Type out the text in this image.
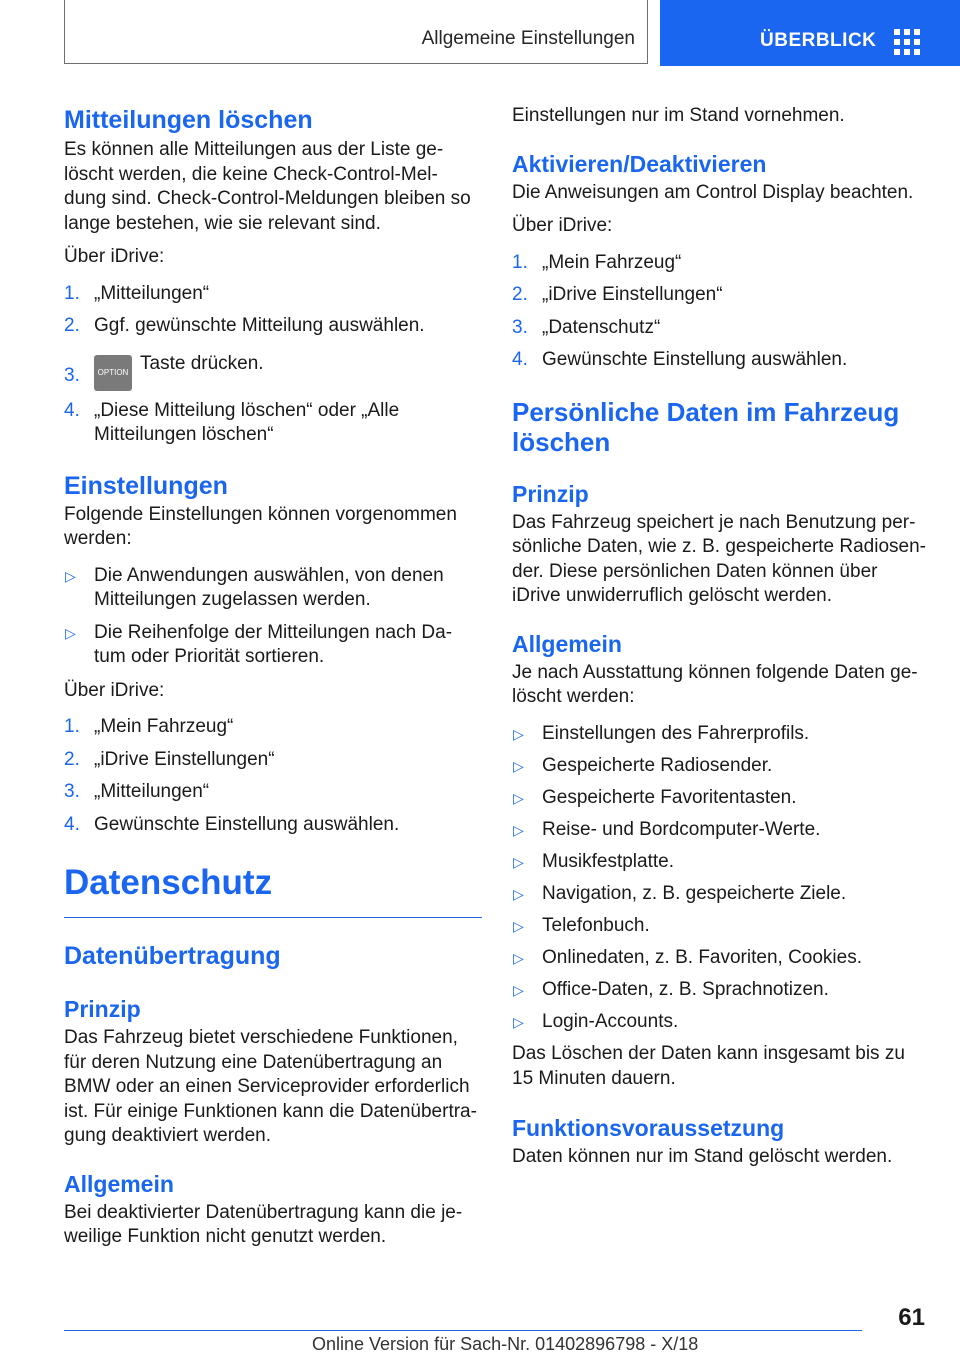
Allgemeine Einstellungen	ÜBERBLICK
Mitteilungen löschen

Es können alle Mitteilungen aus der Liste ge‐ löscht werden, die keine Check-Control-Mel‐ dung sind. Check-Control-Meldungen bleiben so lange bestehen, wie sie relevant sind.

Über iDrive:

1. „Mitteilungen“
2. Ggf. gewünschte Mitteilung auswählen.
3. OPTION Taste drücken.
4. „Diese Mitteilung löschen“ oder „Alle Mitteilungen löschen“
Einstellungen

Folgende Einstellungen können vorgenommen werden:

▷ Die Anwendungen auswählen, von denen Mitteilungen zugelassen werden.
▷ Die Reihenfolge der Mitteilungen nach Da‐ tum oder Priorität sortieren.

Über iDrive:

1. „Mein Fahrzeug“
2. „iDrive Einstellungen“
3. „Mitteilungen“
4. Gewünschte Einstellung auswählen.
Datenschutz
Datenübertragung
Prinzip

Das Fahrzeug bietet verschiedene Funktionen, für deren Nutzung eine Datenübertragung an BMW oder an einen Serviceprovider erforderlich ist. Für einige Funktionen kann die Datenübertra‐ gung deaktiviert werden.

Allgemein

Bei deaktivierter Datenübertragung kann die je‐ weilige Funktion nicht genutzt werden.

Einstellungen nur im Stand vornehmen.

Aktivieren/Deaktivieren

Die Anweisungen am Control Display beachten.

Über iDrive:

1. „Mein Fahrzeug“
2. „iDrive Einstellungen“
3. „Datenschutz“
4. Gewünschte Einstellung auswählen.
Persönliche Daten im Fahrzeug löschen
Prinzip

Das Fahrzeug speichert je nach Benutzung per‐ sönliche Daten, wie z. B. gespeicherte Radiosen‐ der. Diese persönlichen Daten können über iDrive unwiderruflich gelöscht werden.

Allgemein

Je nach Ausstattung können folgende Daten ge‐ löscht werden:

▷ Einstellungen des Fahrerprofils.
▷ Gespeicherte Radiosender.
▷ Gespeicherte Favoritentasten.
▷ Reise- und Bordcomputer-Werte.
▷ Musikfestplatte.
▷ Navigation, z. B. gespeicherte Ziele.
▷ Telefonbuch.
▷ Onlinedaten, z. B. Favoriten, Cookies.
▷ Office-Daten, z. B. Sprachnotizen.
▷ Login-Accounts.

Das Löschen der Daten kann insgesamt bis zu 15 Minuten dauern.

Funktionsvoraussetzung

Daten können nur im Stand gelöscht werden.

61
Online Version für Sach-Nr. 01402896798 - X/18
